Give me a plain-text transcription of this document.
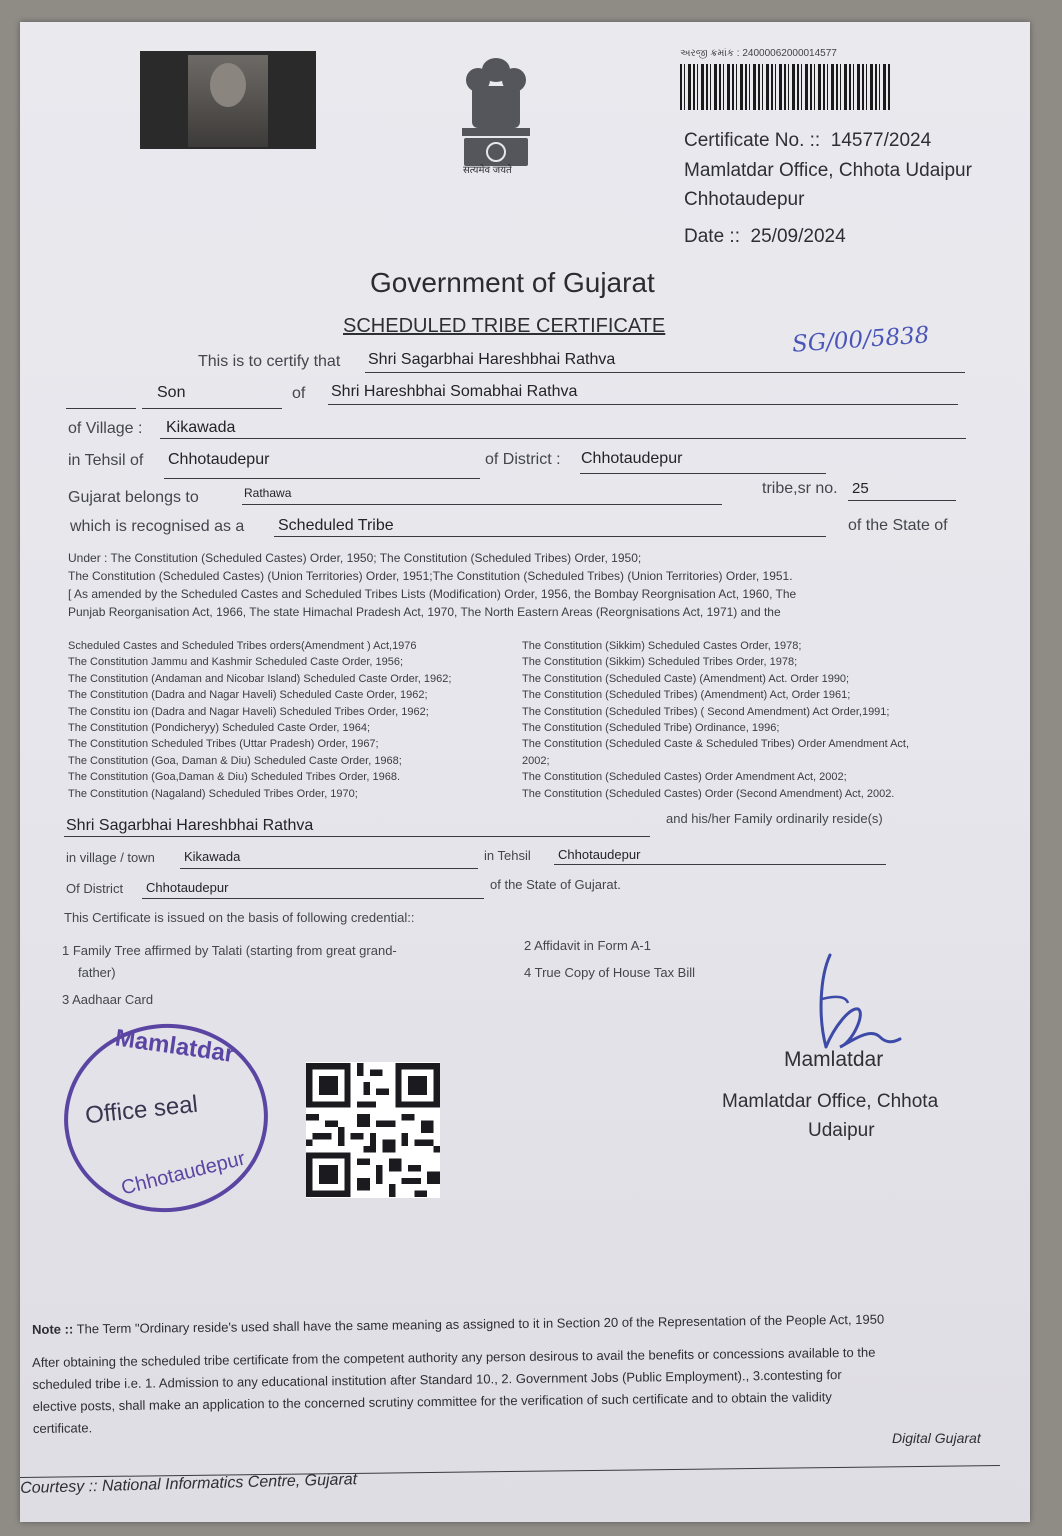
सत्यमेव जयते
અરજી ક્રમાંક : 24000062000014577
Certificate No. :: 14577/2024
Mamlatdar Office, Chhota Udaipur
Chhotaudepur
Date :: 25/09/2024
Government of Gujarat
SCHEDULED TRIBE CERTIFICATE	SG/00/5838
This is to certify that Shri Sagarbhai Hareshbhai Rathva
Son	of Shri Hareshbhai Somabhai Rathva
of Village : Kikawada
in Tehsil of Chhotaudepur	of District : Chhotaudepur
Gujarat belongs to	Rathawa	tribe,sr no. 25
which is recognised as a Scheduled Tribe	of the State of
Under : The Constitution (Scheduled Castes) Order, 1950; The Constitution (Scheduled Tribes) Order, 1950;
The Constitution (Scheduled Castes) (Union Territories) Order, 1951;The Constitution (Scheduled Tribes) (Union Territories) Order, 1951.
[ As amended by the Scheduled Castes and Scheduled Tribes Lists (Modification) Order, 1956, the Bombay Reorgnisation Act, 1960, The
Punjab Reorganisation Act, 1966, The state Himachal Pradesh Act, 1970, The North Eastern Areas (Reorgnisations Act, 1971) and the
Scheduled Castes and Scheduled Tribes orders(Amendment ) Act,1976
The Constitution Jammu and Kashmir Scheduled Caste Order, 1956;
The Constitution (Andaman and Nicobar Island) Scheduled Caste Order, 1962;
The Constitution (Dadra and Nagar Haveli) Scheduled Caste Order, 1962;
The Constitu ion (Dadra and Nagar Haveli) Scheduled Tribes Order, 1962;
The Constitution (Pondicheryy) Scheduled Caste Order, 1964;
The Constitution Scheduled Tribes (Uttar Pradesh) Order, 1967;
The Constitution (Goa, Daman & Diu) Scheduled Caste Order, 1968;
The Constitution (Goa,Daman & Diu) Scheduled Tribes Order, 1968.
The Constitution (Nagaland) Scheduled Tribes Order, 1970;
The Constitution (Sikkim) Scheduled Castes Order, 1978;
The Constitution (Sikkim) Scheduled Tribes Order, 1978;
The Constitution (Scheduled Caste) (Amendment) Act. Order 1990;
The Constitution (Scheduled Tribes) (Amendment) Act, Order 1961;
The Constitution (Scheduled Tribes) ( Second Amendment) Act Order,1991;
The Constitution (Scheduled Tribe) Ordinance, 1996;
The Constitution (Scheduled Caste & Scheduled Tribes) Order Amendment Act,
2002;
The Constitution (Scheduled Castes) Order Amendment Act, 2002;
The Constitution (Scheduled Castes) Order (Second Amendment) Act, 2002.
Shri Sagarbhai Hareshbhai Rathva	and his/her Family ordinarily reside(s)
in village / town Kikawada	in Tehsil Chhotaudepur
Of District Chhotaudepur	of the State of Gujarat.
This Certificate is issued on the basis of following credential::
1 Family Tree affirmed by Talati (starting from great grand-
father)
2 Affidavit in Form A-1
4 True Copy of House Tax Bill
3 Aadhaar Card
Mamlatdar
Office seal
Chhotaudepur
Mamlatdar
Mamlatdar Office, Chhota
Udaipur
Note :: The Term "Ordinary reside's used shall have the same meaning as assigned to it in Section 20 of the Representation of the People Act, 1950
After obtaining the scheduled tribe certificate from the competent authority any person desirous to avail the benefits or concessions available to the
scheduled tribe i.e. 1. Admission to any educational institution after Standard 10., 2. Government Jobs (Public Employment)., 3.contesting for
elective posts, shall make an application to the concerned scrutiny committee for the verification of such certificate and to obtain the validity
certificate.
Digital Gujarat
Courtesy :: National Informatics Centre, Gujarat
